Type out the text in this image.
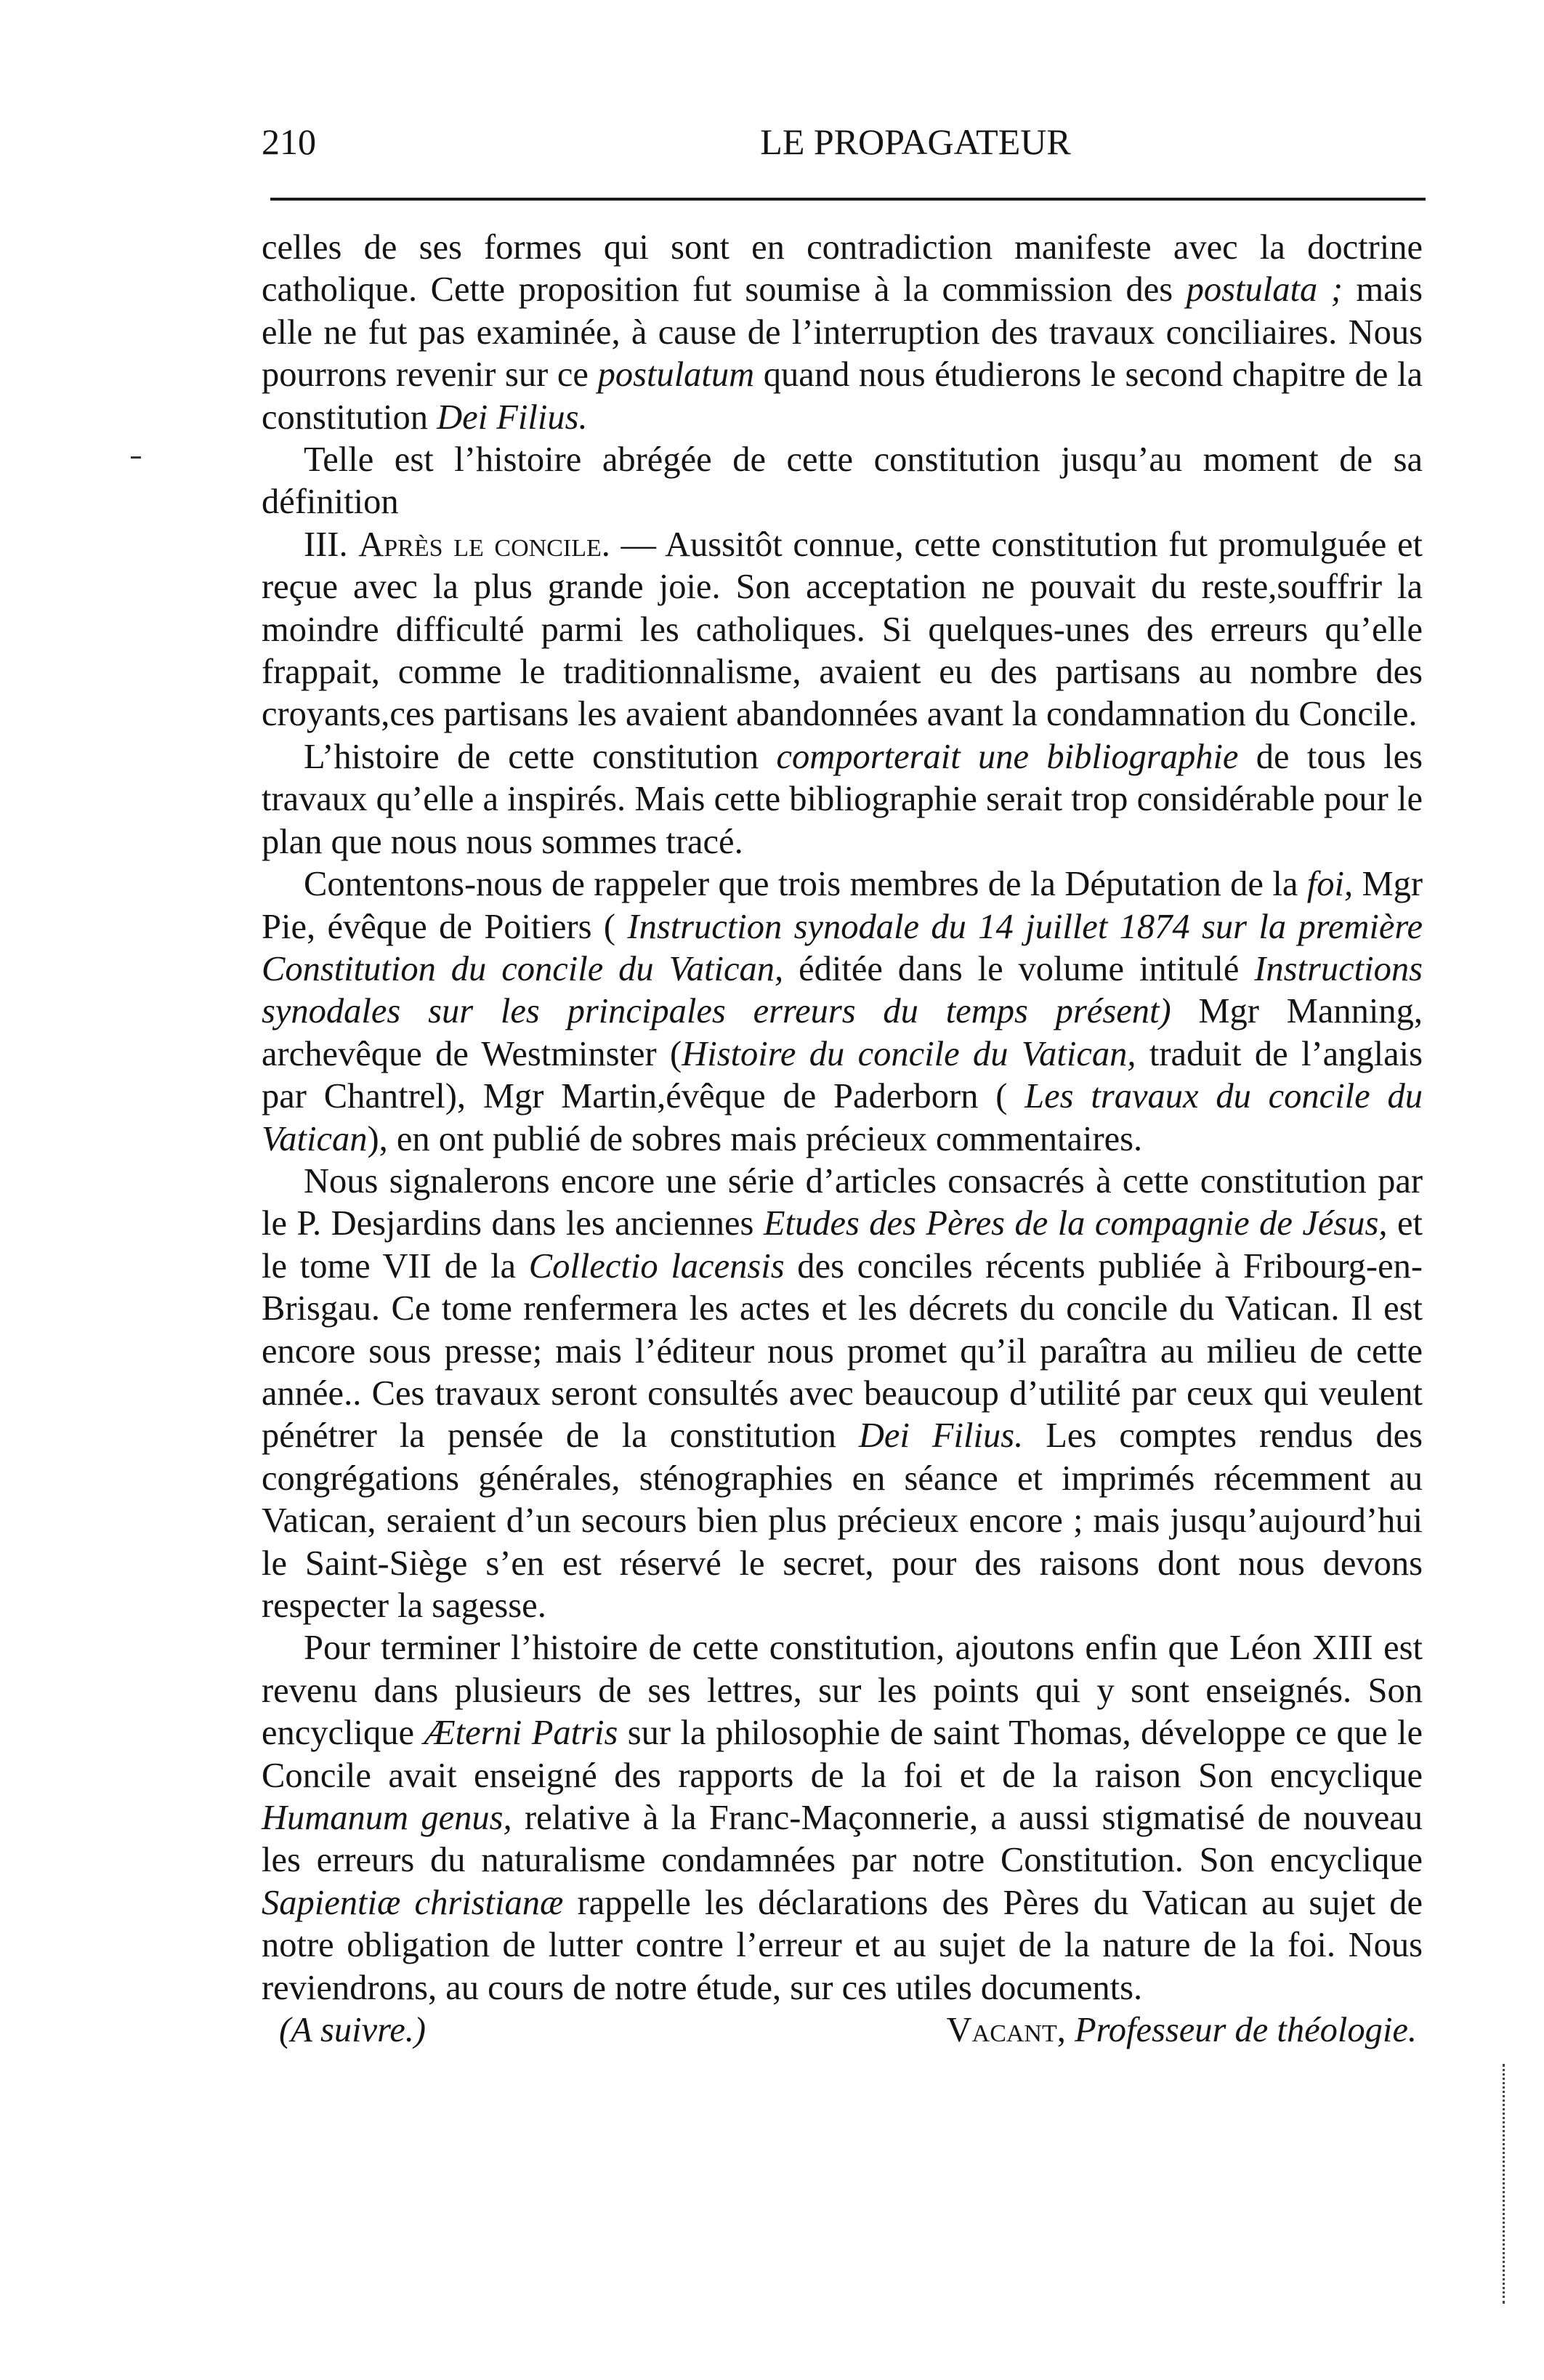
210	LE PROPAGATEUR

celles de ses formes qui sont en contradiction manifeste avec la doctrine catholique. Cette proposition fut soumise à la commission des postulata ; mais elle ne fut pas examinée, à cause de l’interruption des travaux conciliaires. Nous pourrons revenir sur ce postulatum quand nous étudierons le second chapitre de la constitution Dei Filius.

Telle est l’histoire abrégée de cette constitution jusqu’au moment de sa définition

III. Après le concile. — Aussitôt connue, cette constitution fut promulguée et reçue avec la plus grande joie. Son acceptation ne pouvait du reste,souffrir la moindre difficulté parmi les catholiques. Si quelques-unes des erreurs qu’elle frappait, comme le traditionnalisme, avaient eu des partisans au nombre des croyants,ces partisans les avaient abandonnées avant la condamnation du Concile.

L’histoire de cette constitution comporterait une bibliographie de tous les travaux qu’elle a inspirés. Mais cette bibliographie serait trop considérable pour le plan que nous nous sommes tracé.

Contentons-nous de rappeler que trois membres de la Députation de la foi, Mgr Pie, évêque de Poitiers ( Instruction synodale du 14 juillet 1874 sur la première Constitution du concile du Vatican, éditée dans le volume intitulé Instructions synodales sur les principales erreurs du temps présent) Mgr Manning, archevêque de Westminster (Histoire du concile du Vatican, traduit de l’anglais par Chantrel), Mgr Martin,évêque de Paderborn ( Les travaux du concile du Vatican), en ont publié de sobres mais précieux commentaires.

Nous signalerons encore une série d’articles consacrés à cette constitution par le P. Desjardins dans les anciennes Etudes des Pères de la compagnie de Jésus, et le tome VII de la Collectio lacensis des conciles récents publiée à Fribourg-en-Brisgau. Ce tome renfermera les actes et les décrets du concile du Vatican. Il est encore sous presse; mais l’éditeur nous promet qu’il paraîtra au milieu de cette année.. Ces travaux seront consultés avec beaucoup d’utilité par ceux qui veulent pénétrer la pensée de la constitution Dei Filius. Les comptes rendus des congrégations générales, sténographies en séance et imprimés récemment au Vatican, seraient d’un secours bien plus précieux encore ; mais jusqu’aujourd’hui le Saint-Siège s’en est réservé le secret, pour des raisons dont nous devons respecter la sagesse.

Pour terminer l’histoire de cette constitution, ajoutons enfin que Léon XIII est revenu dans plusieurs de ses lettres, sur les points qui y sont enseignés. Son encyclique Æterni Patris sur la philosophie de saint Thomas, développe ce que le Concile avait enseigné des rapports de la foi et de la raison Son encyclique Humanum genus, relative à la Franc-Maçonnerie, a aussi stigmatisé de nouveau les erreurs du naturalisme condamnées par notre Constitution. Son encyclique Sapientiæ christianæ rappelle les déclarations des Pères du Vatican au sujet de notre obligation de lutter contre l’erreur et au sujet de la nature de la foi. Nous reviendrons, au cours de notre étude, sur ces utiles documents.

(A suivre.)	Vacant, Professeur de théologie.
